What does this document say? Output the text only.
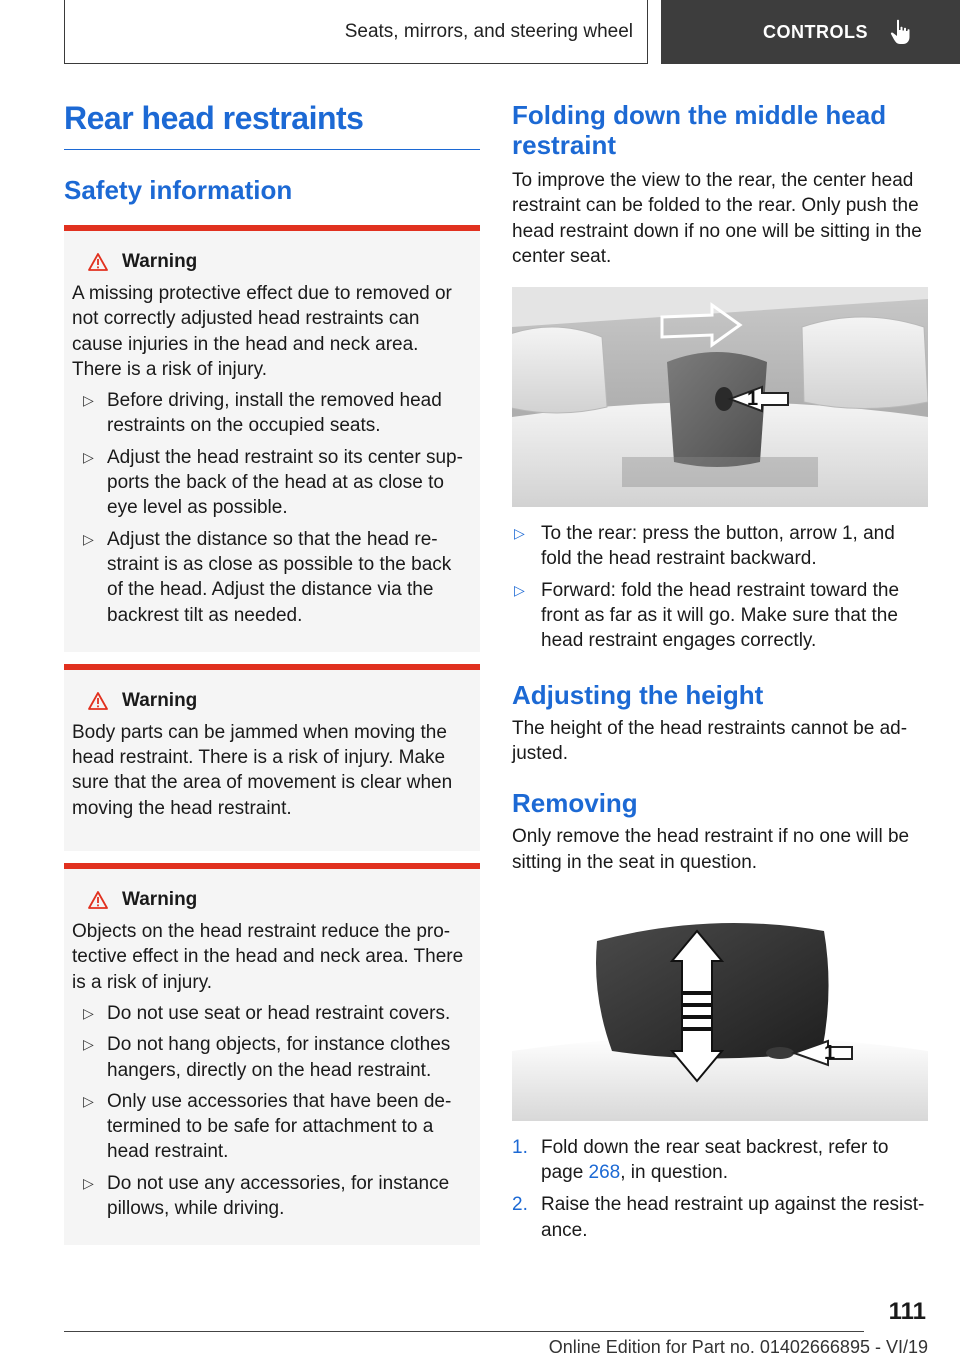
Seats, mirrors, and steering wheel	CONTROLS
Rear head restraints
Safety information
Warning

A missing protective effect due to removed or not correctly adjusted head restraints can cause injuries in the head and neck area. There is a risk of injury.

▷ Before driving, install the removed head restraints on the occupied seats.
▷ Adjust the head restraint so its center sup‐ports the back of the head at as close to eye level as possible.
▷ Adjust the distance so that the head re‐straint is as close as possible to the back of the head. Adjust the distance via the backrest tilt as needed.
Warning

Body parts can be jammed when moving the head restraint. There is a risk of injury. Make sure that the area of movement is clear when moving the head restraint.

Warning

Objects on the head restraint reduce the pro‐tective effect in the head and neck area. There is a risk of injury.

▷ Do not use seat or head restraint covers.
▷ Do not hang objects, for instance clothes hangers, directly on the head restraint.
▷ Only use accessories that have been de‐termined to be safe for attachment to a head restraint.
▷ Do not use any accessories, for instance pillows, while driving.
Folding down the middle head restraint

To improve the view to the rear, the center head restraint can be folded to the rear. Only push the head restraint down if no one will be sitting in the center seat.

1
▷ To the rear: press the button, arrow 1, and fold the head restraint backward.
▷ Forward: fold the head restraint toward the front as far as it will go. Make sure that the head restraint engages correctly.
Adjusting the height

The height of the head restraints cannot be ad‐justed.

Removing

Only remove the head restraint if no one will be sitting in the seat in question.

1
1. Fold down the rear seat backrest, refer to page 268, in question.
2. Raise the head restraint up against the resist‐ance.
111
Online Edition for Part no. 01402666895 - VI/19
